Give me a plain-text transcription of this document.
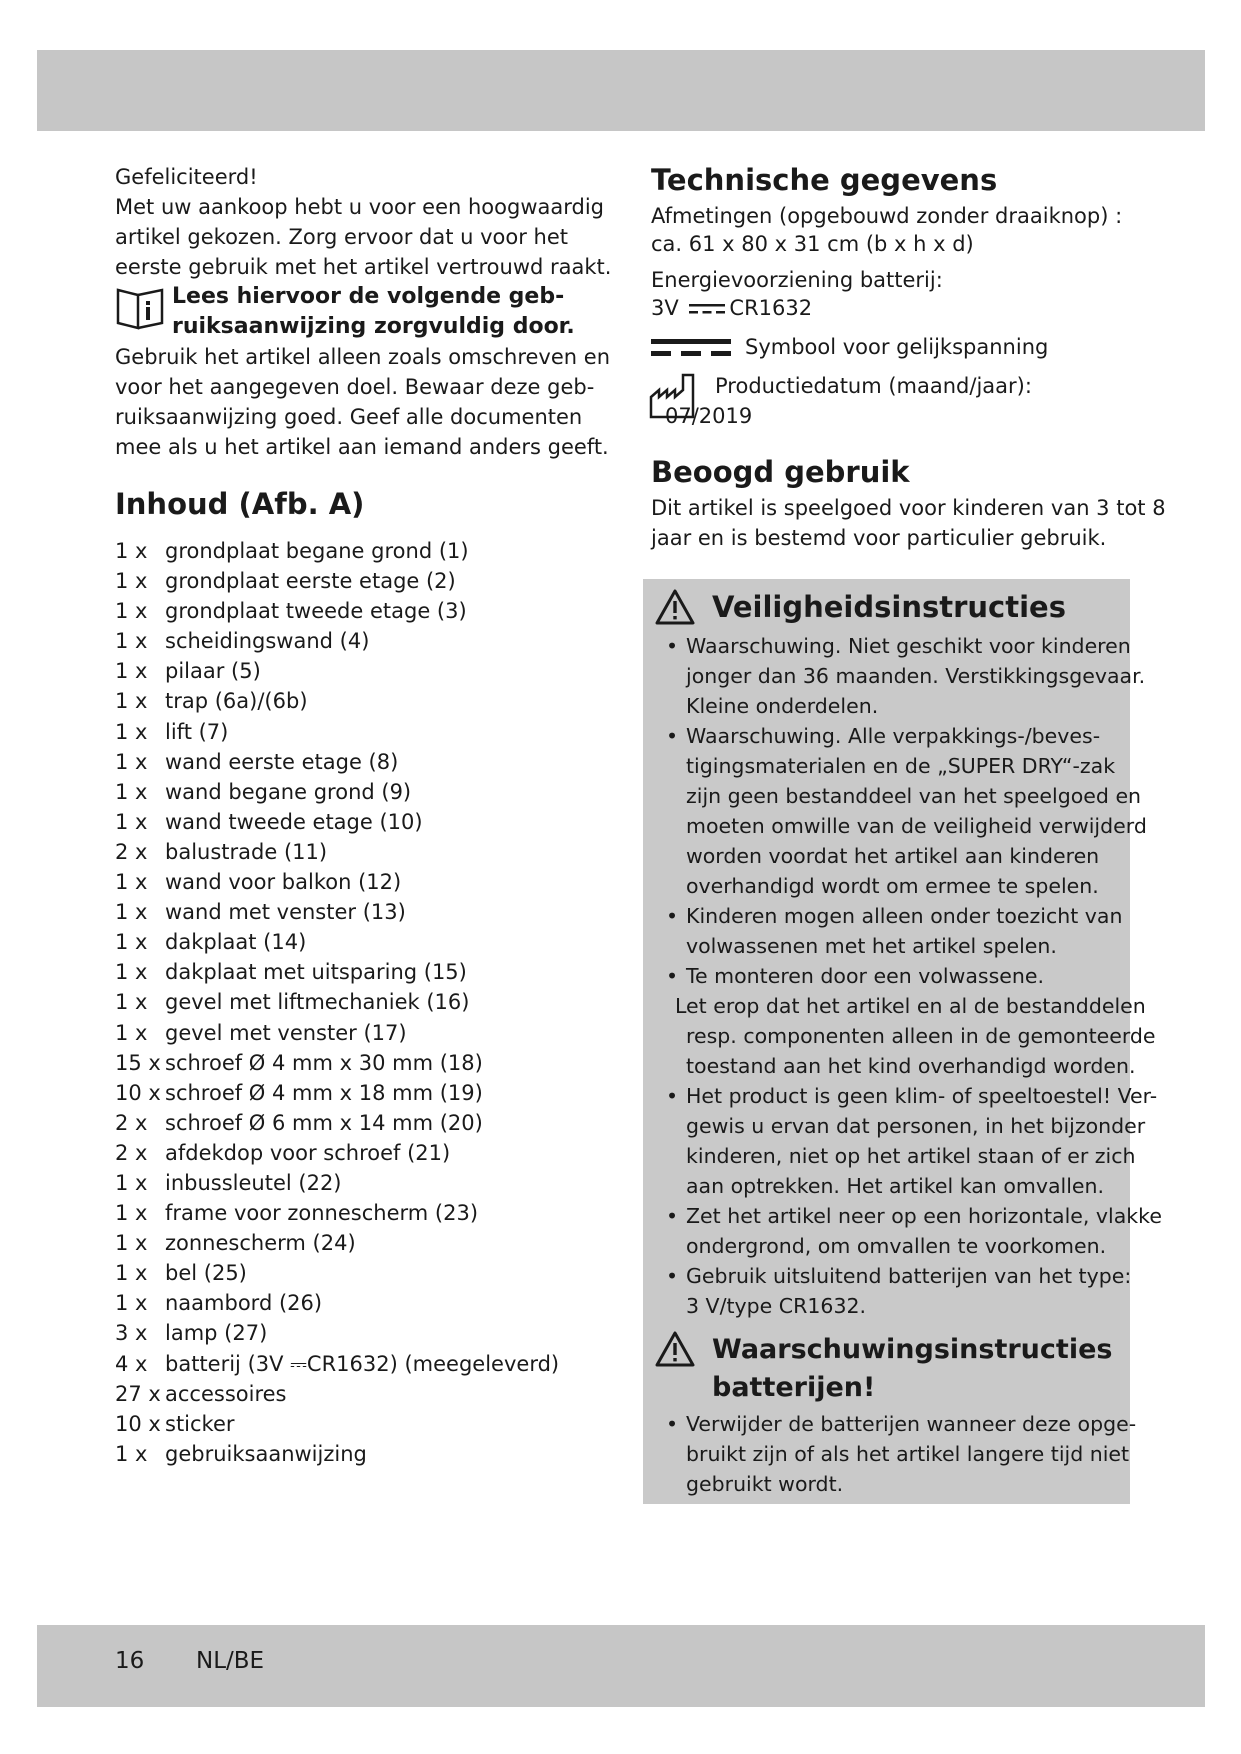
16 NL/BE

Gefeliciteerd!
Met uw aankoop hebt u voor een hoogwaardig
artikel gekozen. Zorg ervoor dat u voor het
eerste gebruik met het artikel vertrouwd raakt.

Lees hiervoor de volgende geb-
ruiksaanwijzing zorgvuldig door.

Gebruik het artikel alleen zoals omschreven en
voor het aangegeven doel. Bewaar deze geb-
ruiksaanwijzing goed. Geef alle documenten
mee als u het artikel aan iemand anders geeft.

Inhoud (Afb. A)
1 x grondplaat begane grond (1)
1 x grondplaat eerste etage (2)
1 x grondplaat tweede etage (3)
1 x scheidingswand (4)
1 x pilaar (5)
1 x trap (6a)/(6b)
1 x lift (7)
1 x wand eerste etage (8)
1 x wand begane grond (9)
1 x wand tweede etage (10)
2 x balustrade (11)
1 x wand voor balkon (12)
1 x wand met venster (13)
1 x dakplaat (14)
1 x dakplaat met uitsparing (15)
1 x gevel met liftmechaniek (16)
1 x gevel met venster (17)
15 x schroef Ø 4 mm x 30 mm (18)
10 x schroef Ø 4 mm x 18 mm (19)
2 x schroef Ø 6 mm x 14 mm (20)
2 x afdekdop voor schroef (21)
1 x inbussleutel (22)
1 x frame voor zonnescherm (23)
1 x zonnescherm (24)
1 x bel (25)
1 x naambord (26)
3 x lamp (27)
4 x batterij (3V ⎓CR1632) (meegeleverd)
27 x accessoires
10 x sticker
1 x gebruiksaanwijzing
Technische gegevens

Afmetingen (opgebouwd zonder draaiknop) :
ca. 61 x 80 x 31 cm (b x h x d)

Energievoorziening batterij:
3V CR1632

Symbool voor gelijkspanning
Productiedatum (maand/jaar):
07/2019
Beoogd gebruik

Dit artikel is speelgoed voor kinderen van 3 tot 8
jaar en is bestemd voor particulier gebruik.

Veiligheidsinstructies
• Waarschuwing. Niet geschikt voor kinderen
jonger dan 36 maanden. Verstikkingsgevaar.
Kleine onderdelen.
• Waarschuwing. Alle verpakkings-/beves-
tigingsmaterialen en de „SUPER DRY“-zak
zijn geen bestanddeel van het speelgoed en
moeten omwille van de veiligheid verwijderd
worden voordat het artikel aan kinderen
overhandigd wordt om ermee te spelen.
• Kinderen mogen alleen onder toezicht van
volwassenen met het artikel spelen.
• Te monteren door een volwassene.
Let erop dat het artikel en al de bestanddelen
resp. componenten alleen in de gemonteerde
toestand aan het kind overhandigd worden.
• Het product is geen klim- of speeltoestel! Ver-
gewis u ervan dat personen, in het bijzonder
kinderen, niet op het artikel staan of er zich
aan optrekken. Het artikel kan omvallen.
• Zet het artikel neer op een horizontale, vlakke
ondergrond, om omvallen te voorkomen.
• Gebruik uitsluitend batterijen van het type:
3 V/type CR1632.
Waarschuwingsinstructies
batterijen!
• Verwijder de batterijen wanneer deze opge-
bruikt zijn of als het artikel langere tijd niet
gebruikt wordt.
